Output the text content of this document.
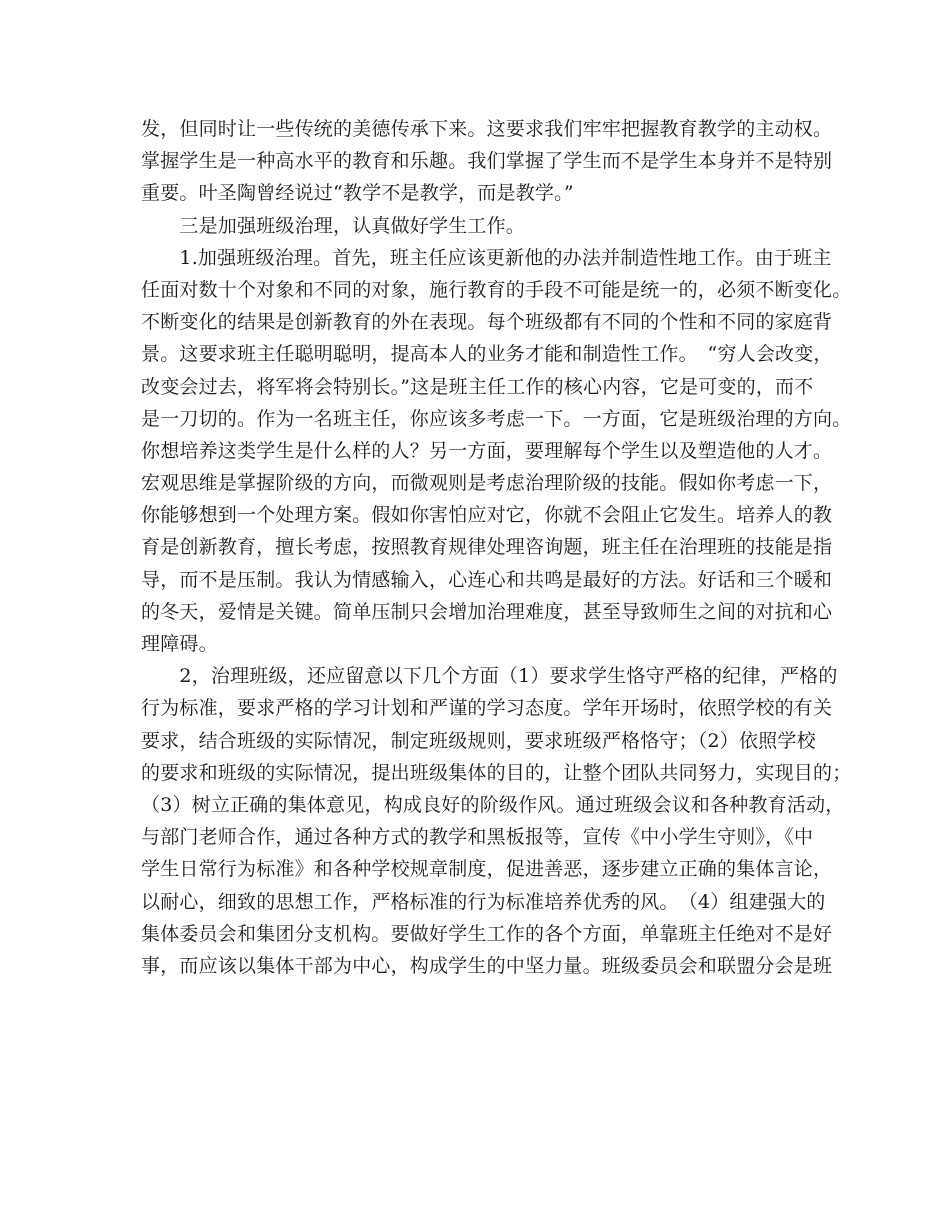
发，但同时让一些传统的美德传承下来。这要求我们牢牢把握教育教学的主动权。
掌握学生是一种高水平的教育和乐趣。我们掌握了学生而不是学生本身并不是特别
重要。叶圣陶曾经说过“教学不是教学，而是教学。”
　　三是加强班级治理，认真做好学生工作。
　　1.加强班级治理。首先，班主任应该更新他的办法并制造性地工作。由于班主
任面对数十个对象和不同的对象，施行教育的手段不可能是统一的，必须不断变化。
不断变化的结果是创新教育的外在表现。每个班级都有不同的个性和不同的家庭背
景。这要求班主任聪明聪明，提高本人的业务才能和制造性工作。　“穷人会改变，
改变会过去，将军将会特别长。”这是班主任工作的核心内容，它是可变的，而不
是一刀切的。作为一名班主任，你应该多考虑一下。一方面，它是班级治理的方向。
你想培养这类学生是什么样的人？另一方面，要理解每个学生以及塑造他的人才。
宏观思维是掌握阶级的方向，而微观则是考虑治理阶级的技能。假如你考虑一下，
你能够想到一个处理方案。假如你害怕应对它，你就不会阻止它发生。培养人的教
育是创新教育，擅长考虑，按照教育规律处理咨询题，班主任在治理班的技能是指
导，而不是压制。我认为情感输入，心连心和共鸣是最好的方法。好话和三个暖和
的冬天，爱情是关键。简单压制只会增加治理难度，甚至导致师生之间的对抗和心
理障碍。
　　2，治理班级，还应留意以下几个方面（1）要求学生恪守严格的纪律，严格的
行为标准，要求严格的学习计划和严谨的学习态度。学年开场时，依照学校的有关
要求，结合班级的实际情况，制定班级规则，要求班级严格恪守；（2）依照学校
的要求和班级的实际情况，提出班级集体的目的，让整个团队共同努力，实现目的；
（3）树立正确的集体意见，构成良好的阶级作风。通过班级会议和各种教育活动，
与部门老师合作，通过各种方式的教学和黑板报等，宣传《中小学生守则》，《中
学生日常行为标准》和各种学校规章制度，促进善恶，逐步建立正确的集体言论，
以耐心，细致的思想工作，严格标准的行为标准培养优秀的风。　（4）组建强大的
集体委员会和集团分支机构。要做好学生工作的各个方面，单靠班主任绝对不是好
事，而应该以集体干部为中心，构成学生的中坚力量。班级委员会和联盟分会是班
